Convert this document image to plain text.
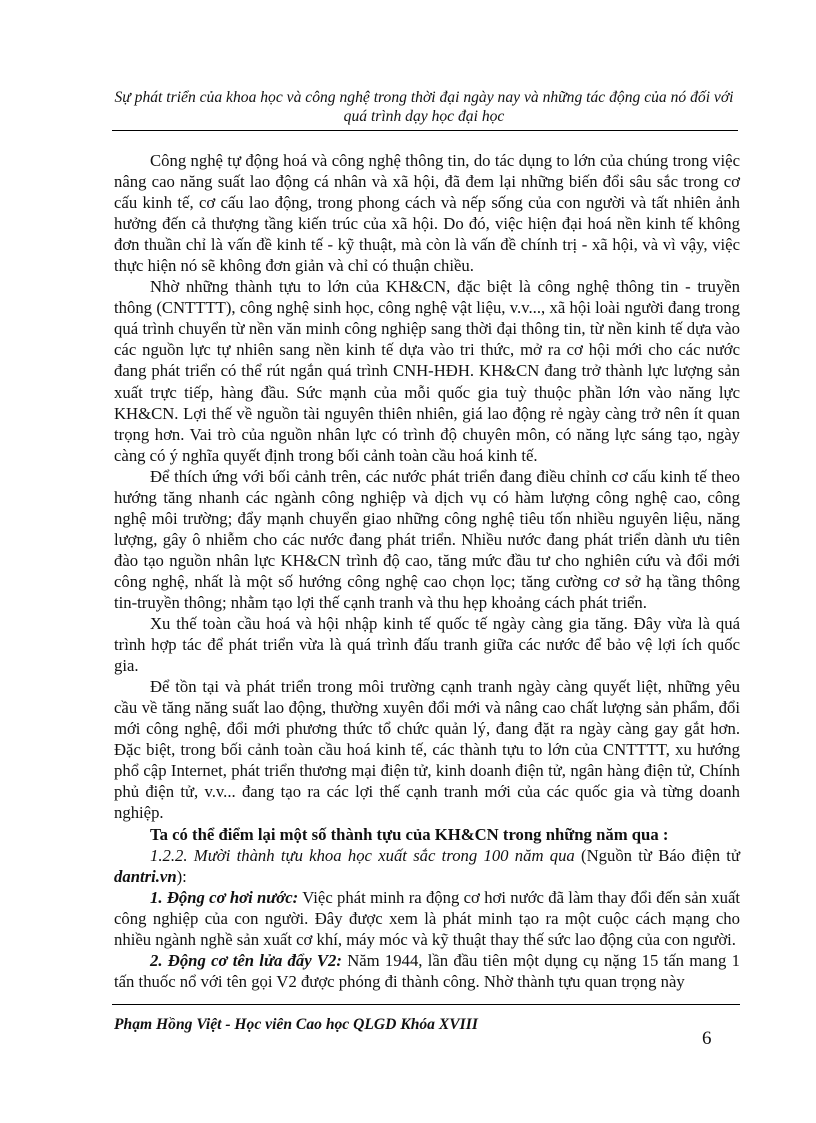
Sự phát triển của khoa học và công nghệ trong thời đại ngày nay và những tác động của nó đối với quá trình dạy học đại học

Công nghệ tự động hoá và công nghệ thông tin, do tác dụng to lớn của chúng trong việc nâng cao năng suất lao động cá nhân và xã hội, đã đem lại những biến đổi sâu sắc trong cơ cấu kinh tế, cơ cấu lao động, trong phong cách và nếp sống của con người và tất nhiên ảnh hưởng đến cả thượng tầng kiến trúc của xã hội. Do đó, việc hiện đại hoá nền kinh tế không đơn thuần chỉ là vấn đề kinh tế - kỹ thuật, mà còn là vấn đề chính trị - xã hội, và vì vậy, việc thực hiện nó sẽ không đơn giản và chỉ có thuận chiều.

Nhờ những thành tựu to lớn của KH&CN, đặc biệt là công nghệ thông tin - truyền thông (CNTTTT), công nghệ sinh học, công nghệ vật liệu, v.v..., xã hội loài người đang trong quá trình chuyển từ nền văn minh công nghiệp sang thời đại thông tin, từ nền kinh tế dựa vào các nguồn lực tự nhiên sang nền kinh tế dựa vào tri thức, mở ra cơ hội mới cho các nước đang phát triển có thể rút ngắn quá trình CNH-HĐH. KH&CN đang trở thành lực lượng sản xuất trực tiếp, hàng đầu. Sức mạnh của mỗi quốc gia tuỳ thuộc phần lớn vào năng lực KH&CN. Lợi thế về nguồn tài nguyên thiên nhiên, giá lao động rẻ ngày càng trở nên ít quan trọng hơn. Vai trò của nguồn nhân lực có trình độ chuyên môn, có năng lực sáng tạo, ngày càng có ý nghĩa quyết định trong bối cảnh toàn cầu hoá kinh tế.

Để thích ứng với bối cảnh trên, các nước phát triển đang điều chỉnh cơ cấu kinh tế theo hướng tăng nhanh các ngành công nghiệp và dịch vụ có hàm lượng công nghệ cao, công nghệ môi trường; đẩy mạnh chuyển giao những công nghệ tiêu tốn nhiều nguyên liệu, năng lượng, gây ô nhiễm cho các nước đang phát triển. Nhiều nước đang phát triển dành ưu tiên đào tạo nguồn nhân lực KH&CN trình độ cao, tăng mức đầu tư cho nghiên cứu và đổi mới công nghệ, nhất là một số hướng công nghệ cao chọn lọc; tăng cường cơ sở hạ tầng thông tin-truyền thông; nhằm tạo lợi thế cạnh tranh và thu hẹp khoảng cách phát triển.

Xu thế toàn cầu hoá và hội nhập kinh tế quốc tế ngày càng gia tăng. Đây vừa là quá trình hợp tác để phát triển vừa là quá trình đấu tranh giữa các nước để bảo vệ lợi ích quốc gia.

Để tồn tại và phát triển trong môi trường cạnh tranh ngày càng quyết liệt, những yêu cầu về tăng năng suất lao động, thường xuyên đổi mới và nâng cao chất lượng sản phẩm, đổi mới công nghệ, đổi mới phương thức tổ chức quản lý, đang đặt ra ngày càng gay gắt hơn. Đặc biệt, trong bối cảnh toàn cầu hoá kinh tế, các thành tựu to lớn của CNTTTT, xu hướng phổ cập Internet, phát triển thương mại điện tử, kinh doanh điện tử, ngân hàng điện tử, Chính phủ điện tử, v.v... đang tạo ra các lợi thế cạnh tranh mới của các quốc gia và từng doanh nghiệp.

Ta có thể điểm lại một số thành tựu của KH&CN trong những năm qua :

1.2.2. Mười thành tựu khoa học xuất sắc trong 100 năm qua (Nguồn từ Báo điện tử dantri.vn):

1. Động cơ hơi nước: Việc phát minh ra động cơ hơi nước đã làm thay đổi đến sản xuất công nghiệp của con người. Đây được xem là phát minh tạo ra một cuộc cách mạng cho nhiều ngành nghề sản xuất cơ khí, máy móc và kỹ thuật thay thế sức lao động của con người.

2. Động cơ tên lửa đẩy V2: Năm 1944, lần đầu tiên một dụng cụ nặng 15 tấn mang 1 tấn thuốc nổ với tên gọi V2 được phóng đi thành công. Nhờ thành tựu quan trọng này

Phạm Hồng Việt - Học viên Cao học QLGD Khóa XVIII
6
